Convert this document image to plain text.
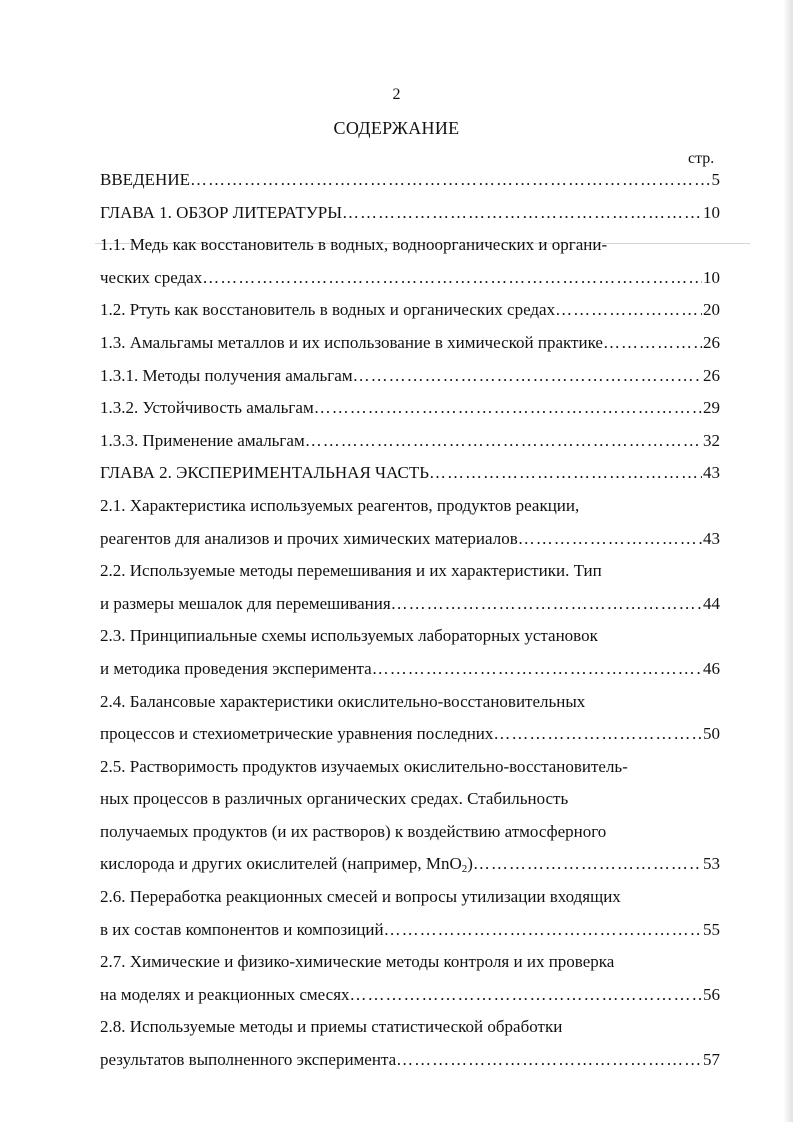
2
СОДЕРЖАНИЕ
стр.
ВВЕДЕНИЕ …………………………………………………………………………………………………………………………………………………………	5
ГЛАВА 1. ОБЗОР ЛИТЕРАТУРЫ …………………………………………………………………………………………………………………………………………………………	10
1.1. Медь как восстановитель в водных, водноорганических и органи-
ческих средах …………………………………………………………………………………………………………………………………………………………	10
1.2. Ртуть как восстановитель в водных и органических средах …………………………………………………………………………………………………………………………………………………………	20
1.3. Амальгамы металлов и их использование в химической практике …………………………………………………………………………………………………………………………………………………………	26
1.3.1. Методы получения амальгам …………………………………………………………………………………………………………………………………………………………	26
1.3.2. Устойчивость амальгам …………………………………………………………………………………………………………………………………………………………	29
1.3.3. Применение амальгам …………………………………………………………………………………………………………………………………………………………	32
ГЛАВА 2. ЭКСПЕРИМЕНТАЛЬНАЯ ЧАСТЬ …………………………………………………………………………………………………………………………………………………………	43
2.1. Характеристика используемых реагентов, продуктов реакции,
реагентов для анализов и прочих химических материалов …………………………………………………………………………………………………………………………………………………………	43
2.2. Используемые методы перемешивания и их характеристики. Тип
и размеры мешалок для перемешивания …………………………………………………………………………………………………………………………………………………………	44
2.3. Принципиальные схемы используемых лабораторных установок
и методика проведения эксперимента …………………………………………………………………………………………………………………………………………………………	46
2.4. Балансовые характеристики окислительно-восстановительных
процессов и стехиометрические уравнения последних …………………………………………………………………………………………………………………………………………………………	50
2.5. Растворимость продуктов изучаемых окислительно-восстановитель-
ных процессов в различных органических средах. Стабильность
получаемых продуктов (и их растворов) к воздействию атмосферного
кислорода и других окислителей (например, MnO$_2$) …………………………………………………………………………………………………………………………………………………………	53
2.6. Переработка реакционных смесей и вопросы утилизации входящих
в их состав компонентов и композиций …………………………………………………………………………………………………………………………………………………………	55
2.7. Химические и физико-химические методы контроля и их проверка
на моделях и реакционных смесях …………………………………………………………………………………………………………………………………………………………	56
2.8. Используемые методы и приемы статистической обработки
результатов выполненного эксперимента …………………………………………………………………………………………………………………………………………………………	57
